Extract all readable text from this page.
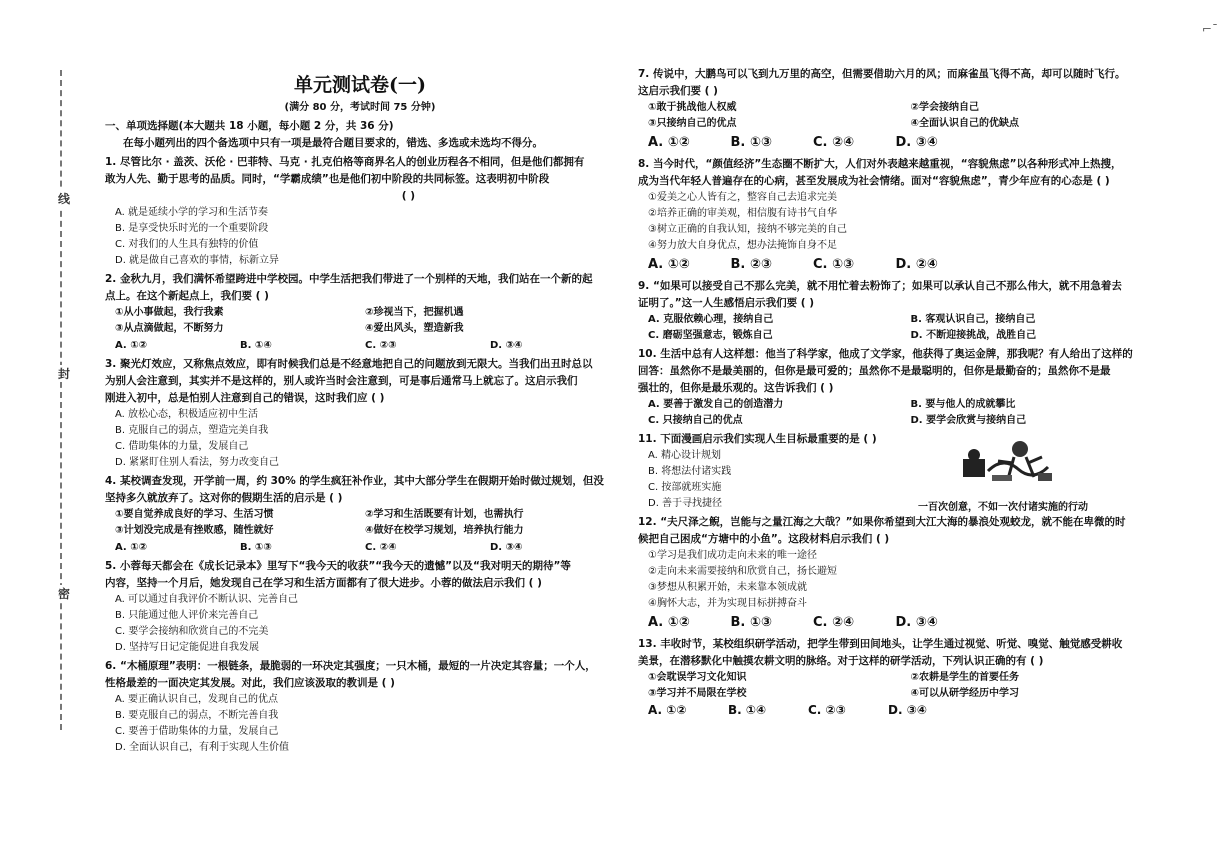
线
封
密
⌐ˉ
单元测试卷(一)
(满分 80 分，考试时间 75 分钟)
一、单项选择题(本大题共 18 小题，每小题 2 分，共 36 分)
在每小题列出的四个备选项中只有一项是最符合题目要求的，错选、多选或未选均不得分。
1. 尽管比尔 · 盖茨、沃伦 · 巴菲特、马克 · 扎克伯格等商界名人的创业历程各不相同，但是他们都拥有
敢为人先、勤于思考的品质。同时，“学霸成绩”也是他们初中阶段的共同标签。这表明初中阶段
( )
A. 就是延续小学的学习和生活节奏
B. 是享受快乐时光的一个重要阶段
C. 对我们的人生具有独特的价值
D. 就是做自己喜欢的事情，标新立异
2. 金秋九月，我们满怀希望跨进中学校园。中学生活把我们带进了一个别样的天地，我们站在一个新的起
点上。在这个新起点上，我们要 ( )
①从小事做起，我行我素	②珍视当下，把握机遇
③从点滴做起，不断努力	④爱出风头，塑造新我
A. ①②	B. ①④	C. ②③	D. ③④
3. 聚光灯效应，又称焦点效应，即有时候我们总是不经意地把自己的问题放到无限大。当我们出丑时总以
为别人会注意到，其实并不是这样的，别人或许当时会注意到，可是事后通常马上就忘了。这启示我们
刚进入初中，总是怕别人注意到自己的错误，这时我们应 ( )
A. 放松心态，积极适应初中生活
B. 克服自己的弱点，塑造完美自我
C. 借助集体的力量，发展自己
D. 紧紧盯住别人看法，努力改变自己
4. 某校调查发现，开学前一周，约 30% 的学生疯狂补作业，其中大部分学生在假期开始时做过规划，但没
坚持多久就放弃了。这对你的假期生活的启示是 ( )
①要自觉养成良好的学习、生活习惯	②学习和生活既要有计划，也需执行
③计划没完成是有挫败感，随性就好	④做好在校学习规划，培养执行能力
A. ①②	B. ①③	C. ②④	D. ③④
5. 小蓉每天都会在《成长记录本》里写下“我今天的收获”“我今天的遗憾”以及“我对明天的期待”等
内容，坚持一个月后，她发现自己在学习和生活方面都有了很大进步。小蓉的做法启示我们 ( )
A. 可以通过自我评价不断认识、完善自己
B. 只能通过他人评价来完善自己
C. 要学会接纳和欣赏自己的不完美
D. 坚持写日记定能促进自我发展
6. “木桶原理”表明：一根链条，最脆弱的一环决定其强度；一只木桶，最短的一片决定其容量；一个人，
性格最差的一面决定其发展。对此，我们应该汲取的教训是 ( )
A. 要正确认识自己，发现自己的优点
B. 要克服自己的弱点，不断完善自我
C. 要善于借助集体的力量，发展自己
D. 全面认识自己，有利于实现人生价值
7. 传说中，大鹏鸟可以飞到九万里的高空，但需要借助六月的风；而麻雀虽飞得不高，却可以随时飞行。
这启示我们要 ( )
①敢于挑战他人权威	②学会接纳自己
③只接纳自己的优点	④全面认识自己的优缺点
A. ①②	B. ①③	C. ②④	D. ③④
8. 当今时代，“颜值经济”生态圈不断扩大，人们对外表越来越重视，“容貌焦虑”以各种形式冲上热搜，
成为当代年轻人普遍存在的心病，甚至发展成为社会情绪。面对“容貌焦虑”，青少年应有的心态是 ( )
①爱美之心人皆有之，整容自己去追求完美
②培养正确的审美观，相信腹有诗书气自华
③树立正确的自我认知，接纳不够完美的自己
④努力放大自身优点，想办法掩饰自身不足
A. ①②	B. ②③	C. ①③	D. ②④
9. “如果可以接受自己不那么完美，就不用忙着去粉饰了；如果可以承认自己不那么伟大，就不用急着去
证明了。”这一人生感悟启示我们要 ( )
A. 克服依赖心理，接纳自己	B. 客观认识自己，接纳自己
C. 磨砺坚强意志，锻炼自己	D. 不断迎接挑战，战胜自己
10. 生活中总有人这样想：他当了科学家，他成了文学家，他获得了奥运金牌，那我呢？有人给出了这样的
回答：虽然你不是最美丽的，但你是最可爱的；虽然你不是最聪明的，但你是最勤奋的；虽然你不是最
强壮的，但你是最乐观的。这告诉我们 ( )
A. 要善于激发自己的创造潜力	B. 要与他人的成就攀比
C. 只接纳自己的优点	D. 要学会欣赏与接纳自己
11. 下面漫画启示我们实现人生目标最重要的是 ( )
A. 精心设计规划
B. 将想法付诸实践
C. 按部就班实施
D. 善于寻找捷径	一百次创意，不如一次付诸实施的行动
12. “夫尺泽之鲵，岂能与之量江海之大哉？”如果你希望到大江大海的暴浪处观蛟龙，就不能在卑微的时
候把自己困成“方塘中的小鱼”。这段材料启示我们 ( )
①学习是我们成功走向未来的唯一途径
②走向未来需要接纳和欣赏自己，扬长避短
③梦想从积累开始，未来靠本领成就
④胸怀大志，并为实现目标拼搏奋斗
A. ①②	B. ①③	C. ②④	D. ③④
13. 丰收时节，某校组织研学活动，把学生带到田间地头，让学生通过视觉、听觉、嗅觉、触觉感受耕收
美景，在潜移默化中触摸农耕文明的脉络。对于这样的研学活动，下列认识正确的有 ( )
①会耽误学习文化知识	②农耕是学生的首要任务
③学习并不局限在学校	④可以从研学经历中学习
A. ①②	B. ①④	C. ②③	D. ③④
